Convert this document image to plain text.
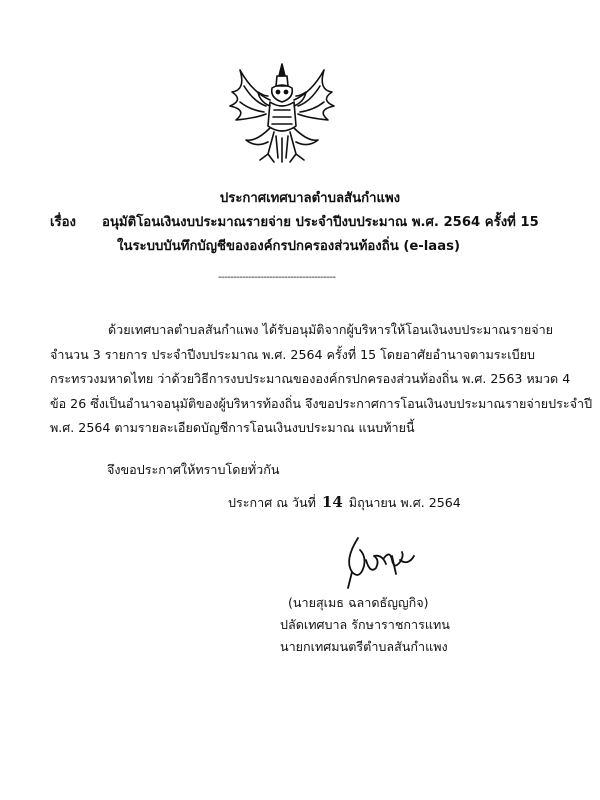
ประกาศเทศบาลตำบลสันกำแพง
เรื่อง อนุมัติโอนเงินงบประมาณรายจ่าย ประจำปีงบประมาณ พ.ศ. 2564 ครั้งที่ 15
ในระบบบันทึกบัญชีขององค์กรปกครองส่วนท้องถิ่น (e-laas)
---------------------------------------
ด้วยเทศบาลตำบลสันกำแพง ได้รับอนุมัติจากผู้บริหารให้โอนเงินงบประมาณรายจ่าย
จำนวน 3 รายการ ประจำปีงบประมาณ พ.ศ. 2564 ครั้งที่ 15 โดยอาศัยอำนาจตามระเบียบ
กระทรวงมหาดไทย ว่าด้วยวิธีการงบประมาณขององค์กรปกครองส่วนท้องถิ่น พ.ศ. 2563 หมวด 4
ข้อ 26 ซึ่งเป็นอำนาจอนุมัติของผู้บริหารท้องถิ่น จึงขอประกาศการโอนเงินงบประมาณรายจ่ายประจำปี
พ.ศ. 2564 ตามรายละเอียดบัญชีการโอนเงินงบประมาณ แนบท้ายนี้
จึงขอประกาศให้ทราบโดยทั่วกัน
ประกาศ ณ วันที่ 14 มิถุนายน พ.ศ. 2564
(นายสุเมธ ฉลาดธัญญกิจ)
ปลัดเทศบาล รักษาราชการแทน
นายกเทศมนตรีตำบลสันกำแพง
